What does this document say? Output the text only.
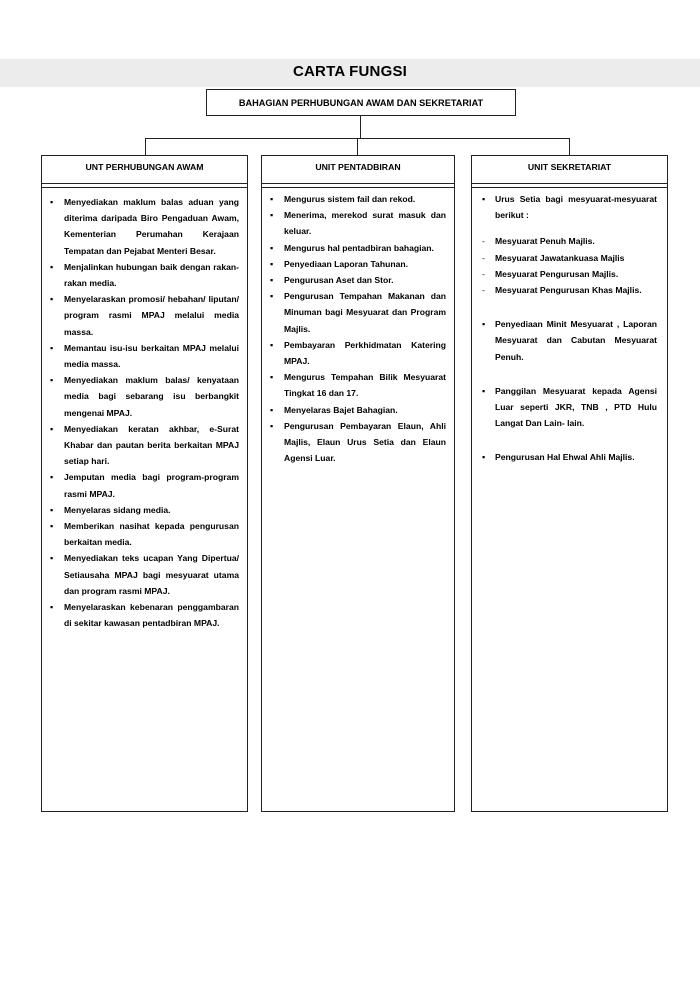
CARTA FUNGSI
BAHAGIAN PERHUBUNGAN AWAM DAN SEKRETARIAT
UNT PERHUBUNGAN AWAM
▪ Menyediakan maklum balas aduan yang diterima daripada Biro Pengaduan Awam, Kementerian Perumahan Kerajaan Tempatan dan Pejabat Menteri Besar.
▪ Menjalinkan hubungan baik dengan rakan-rakan media.
▪ Menyelaraskan promosi/ hebahan/ liputan/ program rasmi MPAJ melalui media massa.
▪ Memantau isu-isu berkaitan MPAJ melalui media massa.
▪ Menyediakan maklum balas/ kenyataan media bagi sebarang isu berbangkit mengenai MPAJ.
▪ Menyediakan keratan akhbar, e-Surat Khabar dan pautan berita berkaitan MPAJ setiap hari.
▪ Jemputan media bagi program-program rasmi MPAJ.
▪ Menyelaras sidang media.
▪ Memberikan nasihat kepada pengurusan berkaitan media.
▪ Menyediakan teks ucapan Yang Dipertua/ Setiausaha MPAJ bagi mesyuarat utama dan program rasmi MPAJ.
▪ Menyelaraskan kebenaran penggambaran di sekitar kawasan pentadbiran MPAJ.
UNIT PENTADBIRAN
▪ Mengurus sistem fail dan rekod.
▪ Menerima, merekod surat masuk dan keluar.
▪ Mengurus hal pentadbiran bahagian.
▪ Penyediaan Laporan Tahunan.
▪ Pengurusan Aset dan Stor.
▪ Pengurusan Tempahan Makanan dan Minuman bagi Mesyuarat dan Program Majlis.
▪ Pembayaran Perkhidmatan Katering MPAJ.
▪ Mengurus Tempahan Bilik Mesyuarat Tingkat 16 dan 17.
▪ Menyelaras Bajet Bahagian.
▪ Pengurusan Pembayaran Elaun, Ahli Majlis, Elaun Urus Setia dan Elaun Agensi Luar.
UNIT SEKRETARIAT
▪ Urus Setia bagi mesyuarat-mesyuarat berikut :
- Mesyuarat Penuh Majlis.
- Mesyuarat Jawatankuasa Majlis
- Mesyuarat Pengurusan Majlis.
- Mesyuarat Pengurusan Khas Majlis.
▪ Penyediaan Minit Mesyuarat , Laporan Mesyuarat dan Cabutan Mesyuarat Penuh.
▪ Panggilan Mesyuarat kepada Agensi Luar seperti JKR, TNB , PTD Hulu Langat Dan Lain- lain.
▪ Pengurusan Hal Ehwal Ahli Majlis.
